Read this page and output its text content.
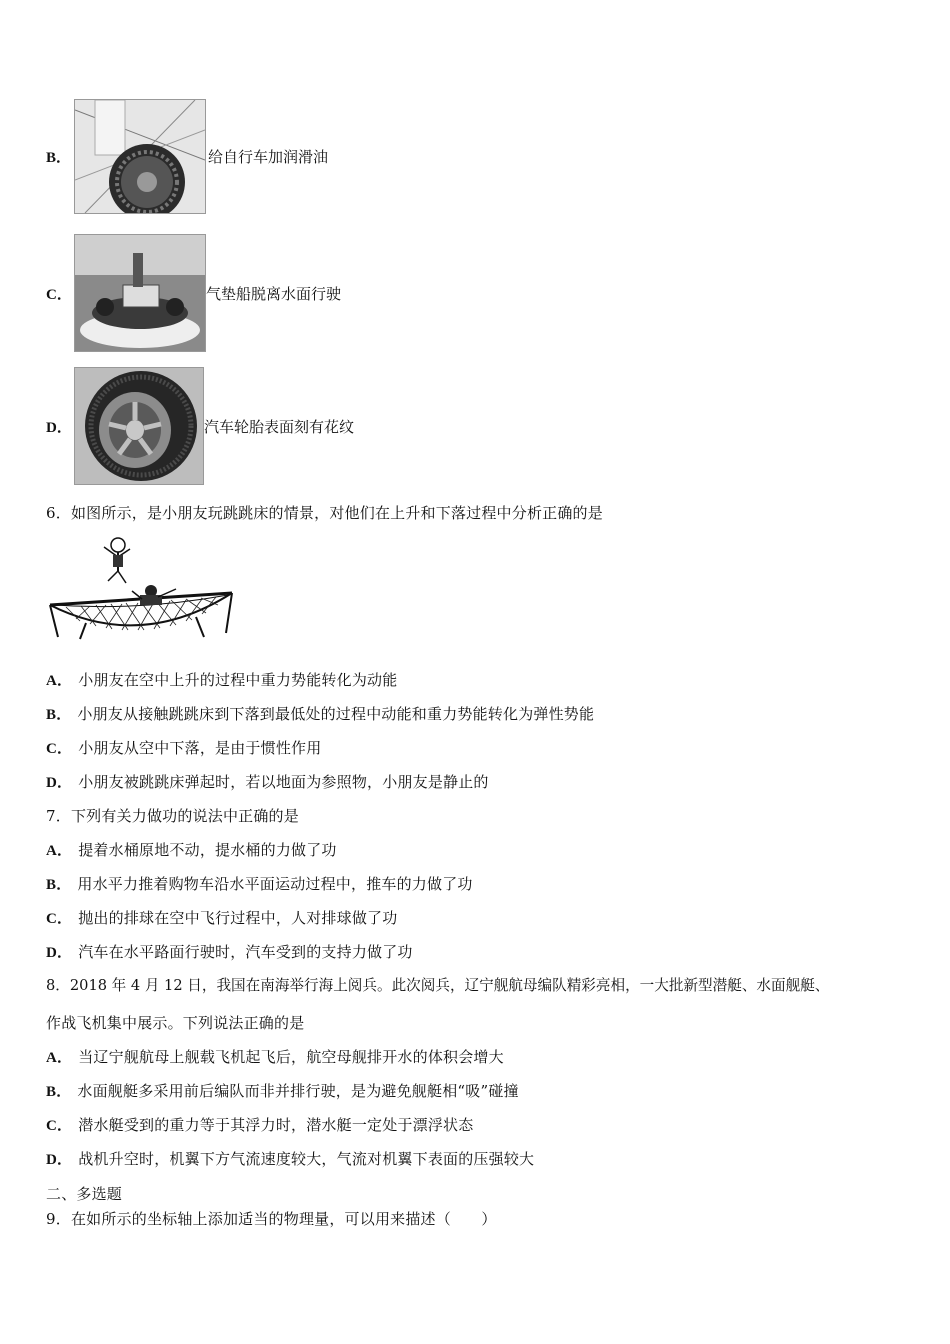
B．	给自行车加润滑油
C．	气垫船脱离水面行驶
D．	汽车轮胎表面刻有花纹
6．如图所示，是小朋友玩跳跳床的情景，对他们在上升和下落过程中分析正确的是
A． 小朋友在空中上升的过程中重力势能转化为动能
B． 小朋友从接触跳跳床到下落到最低处的过程中动能和重力势能转化为弹性势能
C． 小朋友从空中下落，是由于惯性作用
D． 小朋友被跳跳床弹起时，若以地面为参照物，小朋友是静止的
7．下列有关力做功的说法中正确的是
A． 提着水桶原地不动，提水桶的力做了功
B． 用水平力推着购物车沿水平面运动过程中，推车的力做了功
C． 抛出的排球在空中飞行过程中，人对排球做了功
D． 汽车在水平路面行驶时，汽车受到的支持力做了功
8．2018 年 4 月 12 日，我国在南海举行海上阅兵。此次阅兵，辽宁舰航母编队精彩亮相，一大批新型潜艇、水面舰艇、
作战飞机集中展示。下列说法正确的是
A． 当辽宁舰航母上舰载飞机起飞后，航空母舰排开水的体积会增大
B． 水面舰艇多采用前后编队而非并排行驶，是为避免舰艇相“吸”碰撞
C． 潜水艇受到的重力等于其浮力时，潜水艇一定处于漂浮状态
D． 战机升空时，机翼下方气流速度较大，气流对机翼下表面的压强较大
二、多选题
9．在如所示的坐标轴上添加适当的物理量，可以用来描述（　　）
